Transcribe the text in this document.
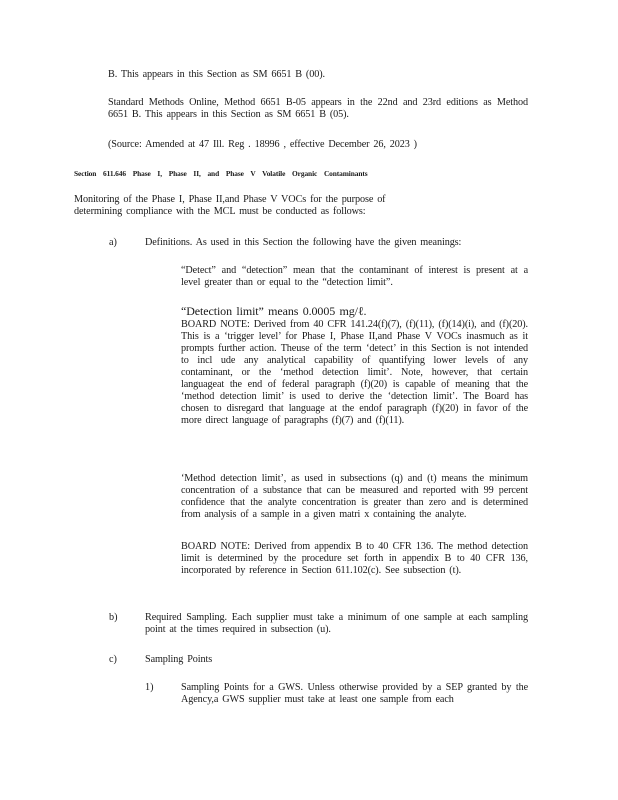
B. This appears in this Section as SM 6651 B (00).

Standard Methods Online, Method 6651 B-05 appears in the 22nd and 23rd editions as Method 6651 B. This appears in this Section as SM 6651 B (05).

(Source: Amended at 47 Ill. Reg . 18996 , effective December 26, 2023 )

Section 611.646 Phase I, Phase II, and Phase V Volatile Organic Contaminants

Monitoring of the Phase I, Phase II,and Phase V VOCs for the purpose of determining compliance with the MCL must be conducted as follows:

a)	Definitions. As used in this Section the following have the given meanings:

“Detect” and “detection” mean that the contaminant of interest is present at a level greater than or equal to the “detection limit”.

“Detection limit” means 0.0005 mg/ℓ.

BOARD NOTE: Derived from 40 CFR 141.24(f)(7), (f)(11), (f)(14)(i), and (f)(20). This is a ‘trigger level’ for Phase I, Phase II,and Phase V VOCs inasmuch as it prompts further action. Theuse of the term ‘detect’ in this Section is not intended to incl ude any analytical capability of quantifying lower levels of any contaminant, or the ‘method detection limit’. Note, however, that certain languageat the end of federal paragraph (f)(20) is capable of meaning that the ‘method detection limit’ is used to derive the ‘detection limit’. The Board has chosen to disregard that language at the endof paragraph (f)(20) in favor of the more direct language of paragraphs (f)(7) and (f)(11).

‘Method detection limit’, as used in subsections (q) and (t) means the minimum concentration of a substance that can be measured and reported with 99 percent confidence that the analyte concentration is greater than zero and is determined from analysis of a sample in a given matri x containing the analyte.

BOARD NOTE: Derived from appendix B to 40 CFR 136. The method detection limit is determined by the procedure set forth in appendix B to 40 CFR 136, incorporated by reference in Section 611.102(c). See subsection (t).

b)	Required Sampling. Each supplier must take a minimum of one sample at each sampling point at the times required in subsection (u).

c)	Sampling Points

1)	Sampling Points for a GWS. Unless otherwise provided by a SEP granted by the Agency,a GWS supplier must take at least one sample from each
